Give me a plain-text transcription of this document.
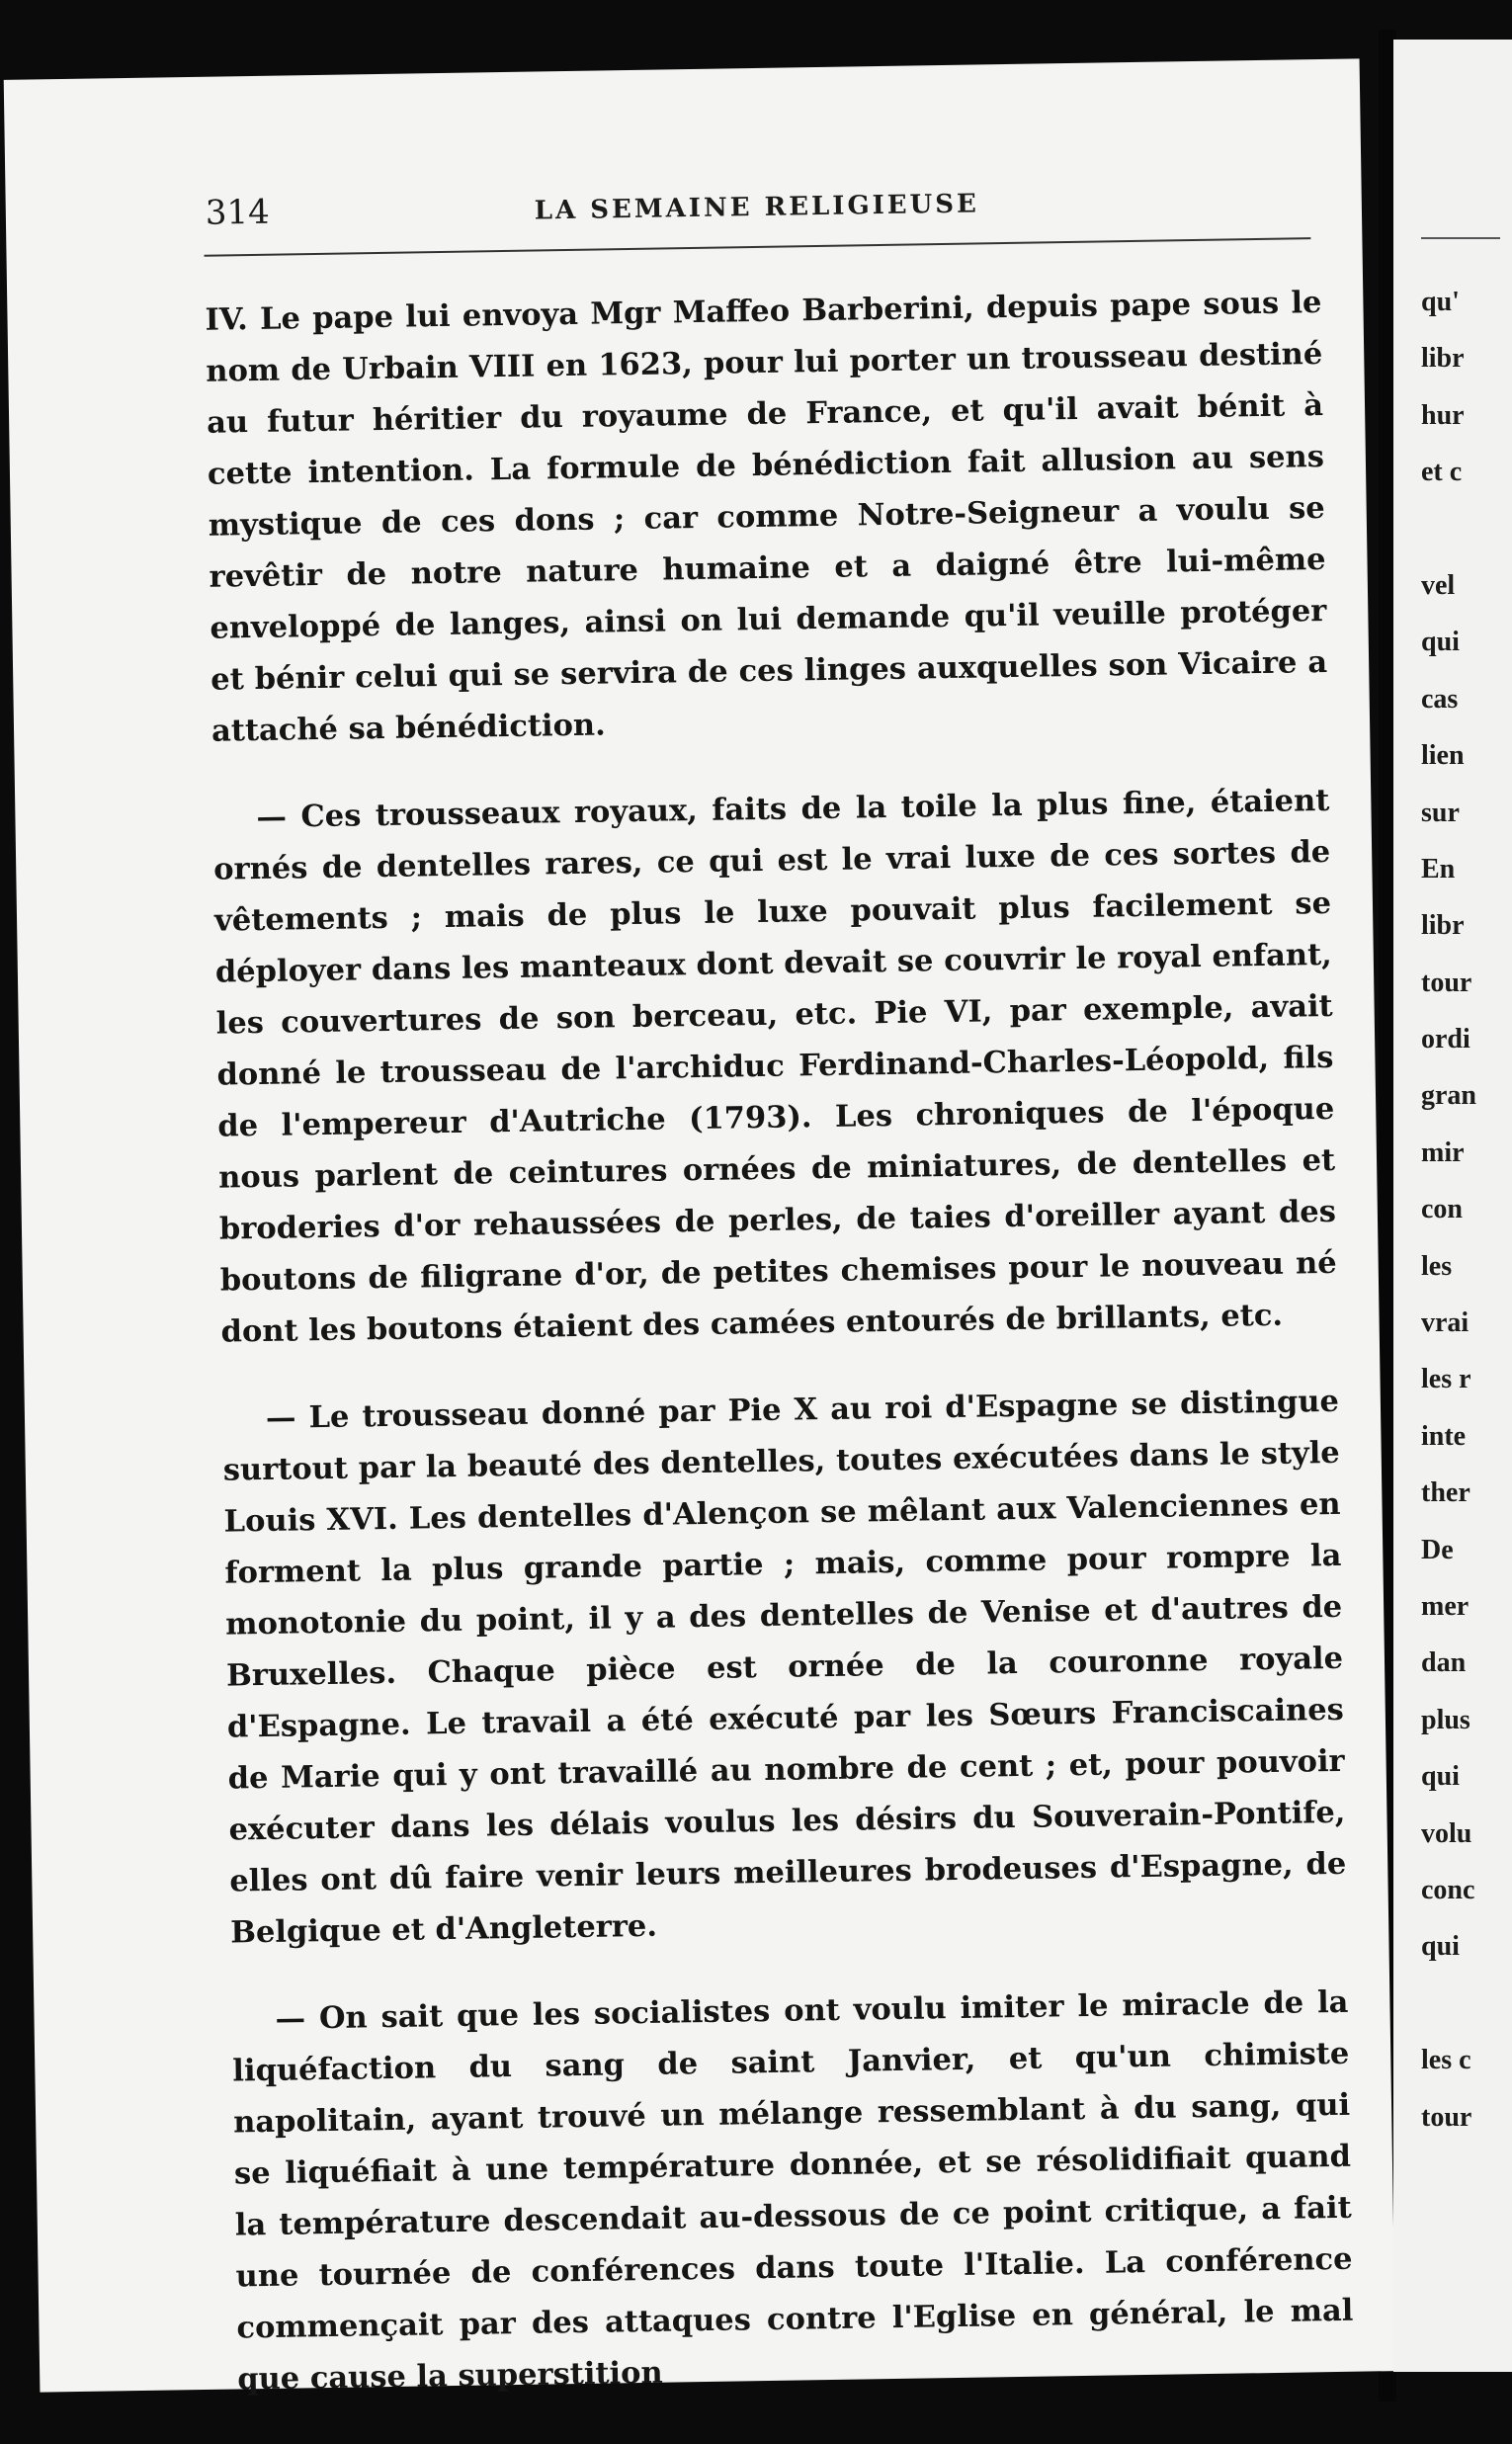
314	LA SEMAINE RELIGIEUSE

IV. Le pape lui envoya Mgr Maffeo Barberini, depuis pape sous le nom de Urbain VIII en 1623, pour lui porter un trousseau destiné au futur héritier du royaume de France, et qu'il avait bénit à cette intention. La formule de bénédiction fait allusion au sens mystique de ces dons ; car comme Notre-Seigneur a voulu se revêtir de notre nature humaine et a daigné être lui-même enveloppé de langes, ainsi on lui demande qu'il veuille protéger et bénir celui qui se servira de ces linges auxquelles son Vicaire a attaché sa bénédiction.

— Ces trousseaux royaux, faits de la toile la plus fine, étaient ornés de dentelles rares, ce qui est le vrai luxe de ces sortes de vêtements ; mais de plus le luxe pouvait plus facilement se déployer dans les manteaux dont devait se couvrir le royal enfant, les couvertures de son berceau, etc. Pie VI, par exemple, avait donné le trousseau de l'archiduc Ferdinand-Charles-Léopold, fils de l'empereur d'Autriche (1793). Les chroniques de l'époque nous parlent de ceintures ornées de miniatures, de dentelles et broderies d'or rehaussées de perles, de taies d'oreiller ayant des boutons de filigrane d'or, de petites chemises pour le nouveau né dont les boutons étaient des camées entourés de brillants, etc.

— Le trousseau donné par Pie X au roi d'Espagne se distingue surtout par la beauté des dentelles, toutes exécutées dans le style Louis XVI. Les dentelles d'Alençon se mêlant aux Valenciennes en forment la plus grande partie ; mais, comme pour rompre la monotonie du point, il y a des dentelles de Venise et d'autres de Bruxelles. Chaque pièce est ornée de la couronne royale d'Espagne. Le travail a été exécuté par les Sœurs Franciscaines de Marie qui y ont travaillé au nombre de cent ; et, pour pouvoir exécuter dans les délais voulus les désirs du Souverain-Pontife, elles ont dû faire venir leurs meilleures brodeuses d'Espagne, de Belgique et d'Angleterre.

— On sait que les socialistes ont voulu imiter le miracle de la liquéfaction du sang de saint Janvier, et qu'un chimiste napolitain, ayant trouvé un mélange ressemblant à du sang, qui se liquéfiait à une température donnée, et se résolidifiait quand la température descendait au-dessous de ce point critique, a fait une tournée de conférences dans toute l'Italie. La conférence commençait par des attaques contre l'Eglise en général, le mal que cause la superstition

qu'
libr
hur
et c
vel
qui
cas
lien
sur
En
libr
tour
ordi
gran
mir
con
les
vrai
les r
inte
ther
De
mer
dan
plus
qui
volu
conc
qui
les c
tour
